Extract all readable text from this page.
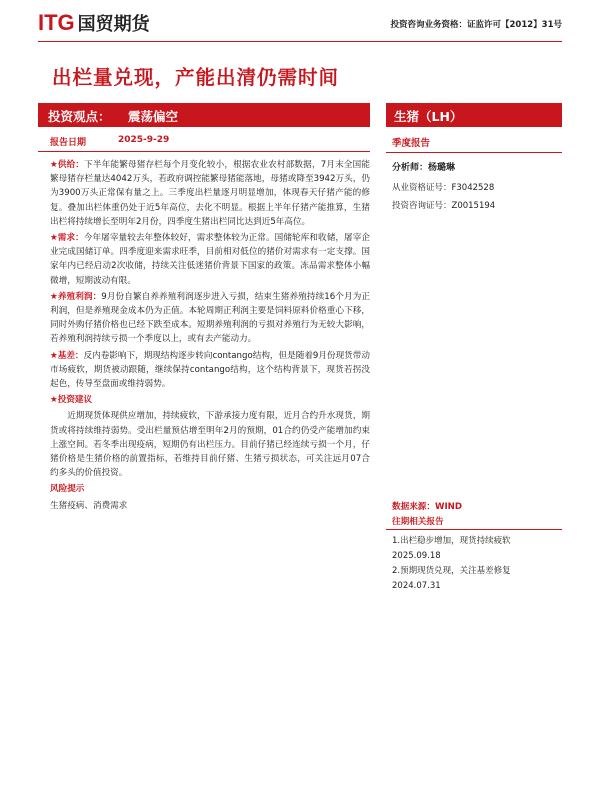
ITG 国贸期货	投资咨询业务资格：证监许可【2012】31号
出栏量兑现，产能出清仍需时间
投资观点： 震荡偏空	生猪（LH）
报告日期	2025-9-29	季度报告
分析师：杨璐琳
从业资格证号：F3042528
投资咨询证号：Z0015194

★供给：下半年能繁母猪存栏每个月变化较小，根据农业农村部数据，7月末全国能繁母猪存栏量达4042万头，若政府调控能繁母猪能落地，母猪或降至3942万头，仍为3900万头正常保有量之上。三季度出栏量逐月明显增加，体现春天仔猪产能的修复。叠加出栏体重仍处于近5年高位，去化不明显。根据上半年仔猪产能推算，生猪出栏将持续增长至明年2月份，四季度生猪出栏同比达到近5年高位。

★需求：今年屠宰量较去年整体较好，需求整体较为正常。国储轮库和收储，屠宰企业完成国储订单。四季度迎来需求旺季，目前相对低位的猪价对需求有一定支撑。国家年内已经启动2次收储，持续关注低迷猪价背景下国家的政策。冻品需求整体小幅微增，短期波动有限。

★养殖利润：9月份自繁自养养殖利润逐步进入亏损，结束生猪养殖持续16个月为正利润，但是养殖现金成本仍为正值。本轮周期正利润主要是饲料原料价格重心下移，同时外购仔猪价格也已经下跌至成本。短期养殖利润的亏损对养殖行为无较大影响，若养殖利润持续亏损一个季度以上，或有去产能动力。

★基差：反内卷影响下，期现结构逐步转向contango结构，但是随着9月份现货带动市场疲软，期货被动跟随，继续保持contango结构，这个结构背景下，现货若拐没起色，传导至盘面或维持弱势。

★投资建议

近期现货体现供应增加，持续疲软，下游承接力度有限，近月合约升水现货，期货或将持续维持弱势。受出栏量预估增至明年2月的预期，01合约仍受产能增加约束上涨空间。若冬季出现疫病，短期仍有出栏压力。目前仔猪已经连续亏损一个月，仔猪价格是生猪价格的前置指标，若维持目前仔猪、生猪亏损状态，可关注远月07合约多头的价值投资。

风险提示

生猪疫病、消费需求	数据来源：WIND
往期相关报告
1.出栏稳步增加，现货持续疲软
2025.09.18
2.预期现货兑现，关注基差修复
2024.07.31
